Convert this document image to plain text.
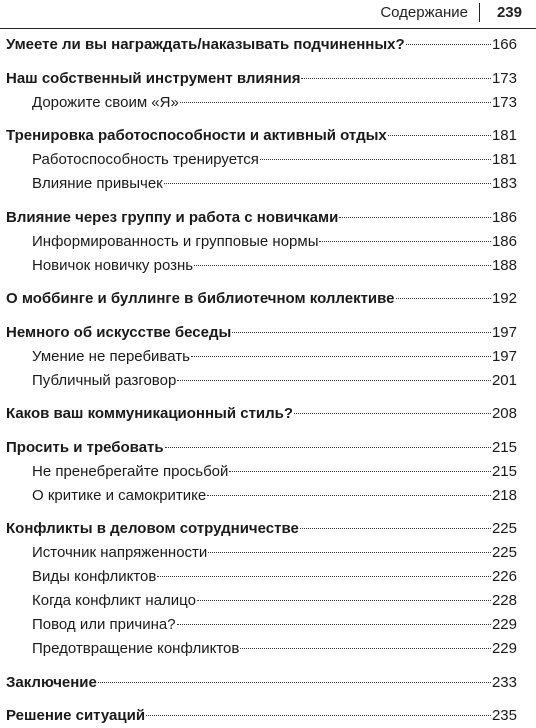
Содержание 239
Умеете ли вы награждать/наказывать подчиненных?	166
Наш собственный инструмент влияния	173
Дорожите своим «Я»	173
Тренировка работоспособности и активный отдых	181
Работоспособность тренируется	181
Влияние привычек	183
Влияние через группу и работа с новичками	186
Информированность и групповые нормы	186
Новичок новичку рознь	188
О моббинге и буллинге в библиотечном коллективе	192
Немного об искусстве беседы	197
Умение не перебивать	197
Публичный разговор	201
Каков ваш коммуникационный стиль?	208
Просить и требовать	215
Не пренебрегайте просьбой	215
О критике и самокритике	218
Конфликты в деловом сотрудничестве	225
Источник напряженности	225
Виды конфликтов	226
Когда конфликт налицо	228
Повод или причина?	229
Предотвращение конфликтов	229
Заключение	233
Решение ситуаций	235
